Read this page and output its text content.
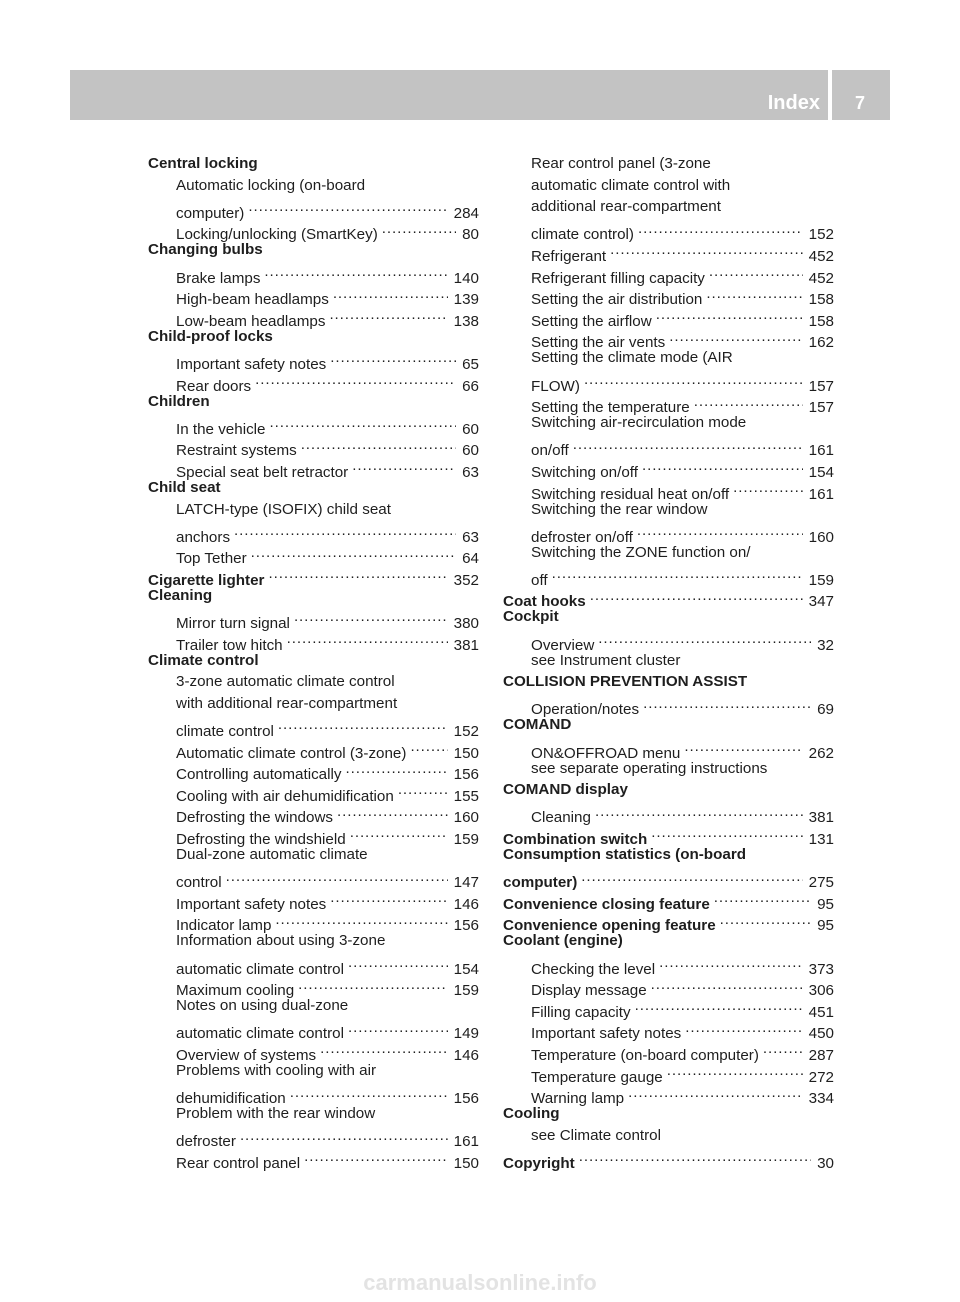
Index	7
Central locking
Automatic locking (on-board
computer) .....	284
Locking/unlocking (SmartKey) .....	80
Changing bulbs
Brake lamps .....	140
High-beam headlamps .....	139
Low-beam headlamps .....	138
Child-proof locks
Important safety notes .....	65
Rear doors .....	66
Children
In the vehicle .....	60
Restraint systems .....	60
Special seat belt retractor .....	63
Child seat
LATCH-type (ISOFIX) child seat
anchors .....	63
Top Tether .....	64
Cigarette lighter .....	352
Cleaning
Mirror turn signal .....	380
Trailer tow hitch .....	381
Climate control
3-zone automatic climate control
with additional rear-compartment
climate control .....	152
Automatic climate control (3-zone) .....	150
Controlling automatically .....	156
Cooling with air dehumidification .....	155
Defrosting the windows .....	160
Defrosting the windshield .....	159
Dual-zone automatic climate
control .....	147
Important safety notes .....	146
Indicator lamp .....	156
Information about using 3-zone
automatic climate control .....	154
Maximum cooling .....	159
Notes on using dual-zone
automatic climate control .....	149
Overview of systems .....	146
Problems with cooling with air
dehumidification .....	156
Problem with the rear window
defroster .....	161
Rear control panel .....	150
Rear control panel (3-zone
automatic climate control with
additional rear-compartment
climate control) .....	152
Refrigerant .....	452
Refrigerant filling capacity .....	452
Setting the air distribution .....	158
Setting the airflow .....	158
Setting the air vents .....	162
Setting the climate mode (AIR
FLOW) .....	157
Setting the temperature .....	157
Switching air-recirculation mode
on/off .....	161
Switching on/off .....	154
Switching residual heat on/off .....	161
Switching the rear window
defroster on/off .....	160
Switching the ZONE function on/
off .....	159
Coat hooks .....	347
Cockpit
Overview .....	32
see Instrument cluster
COLLISION PREVENTION ASSIST
Operation/notes .....	69
COMAND
ON&OFFROAD menu .....	262
see separate operating instructions
COMAND display
Cleaning .....	381
Combination switch .....	131
Consumption statistics (on-board
computer) .....	275
Convenience closing feature .....	95
Convenience opening feature .....	95
Coolant (engine)
Checking the level .....	373
Display message .....	306
Filling capacity .....	451
Important safety notes .....	450
Temperature (on-board computer) .....	287
Temperature gauge .....	272
Warning lamp .....	334
Cooling
see Climate control
Copyright .....	30
carmanualsonline.info
